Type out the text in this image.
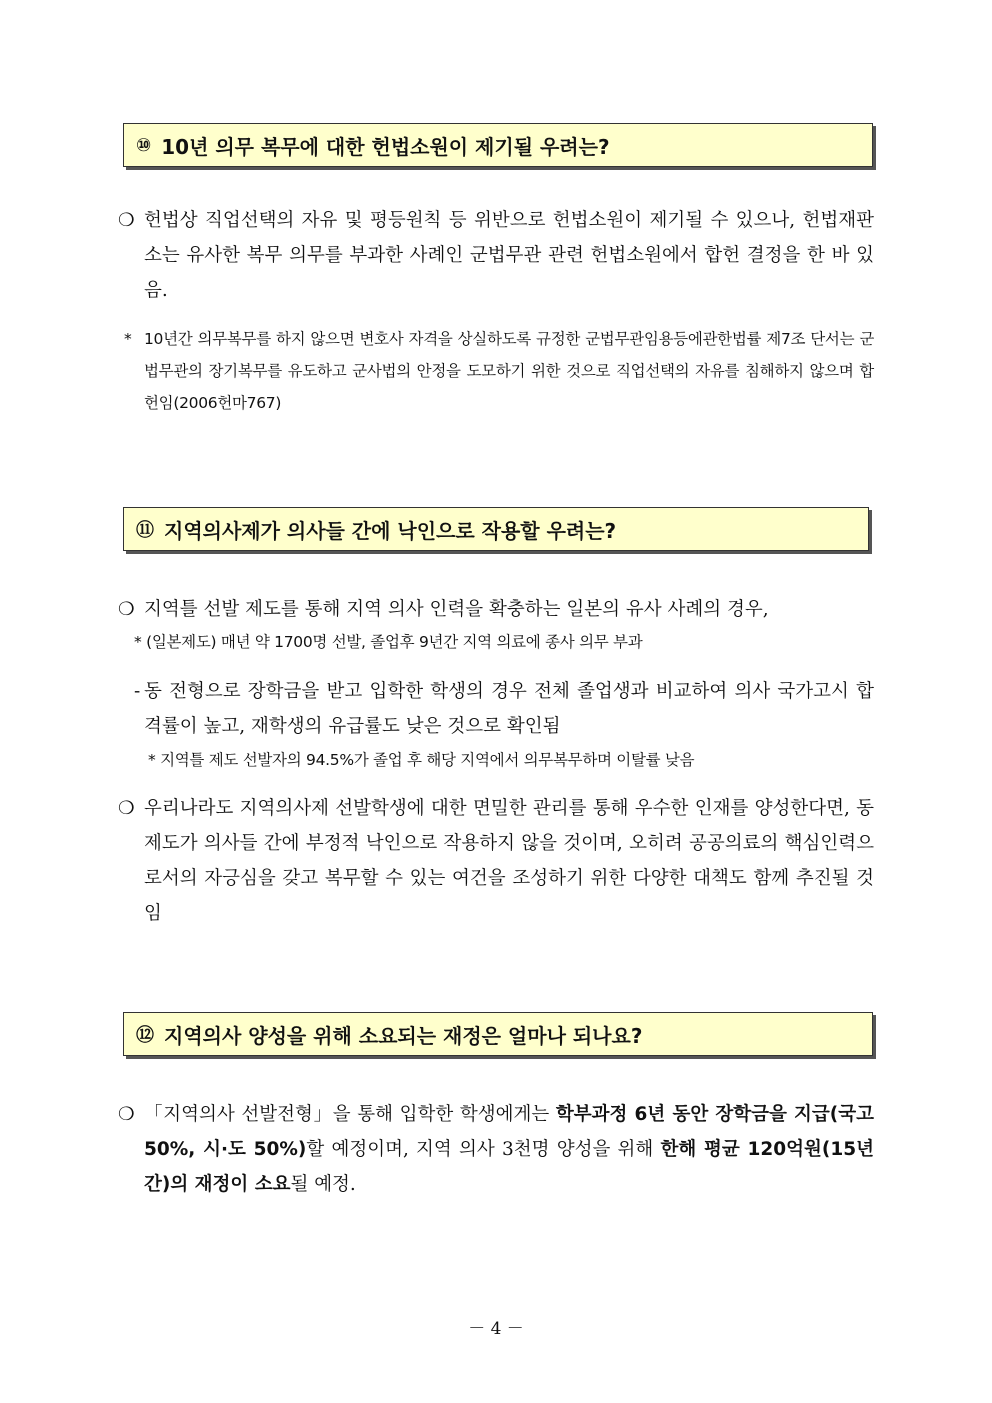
⑩ 10년 의무 복무에 대한 헌법소원이 제기될 우려는?
❍ 헌법상 직업선택의 자유 및 평등원칙 등 위반으로 헌법소원이 제기될 수 있으나, 헌법재판소는 유사한 복무 의무를 부과한 사례인 군법무관 관련 헌법소원에서 합헌 결정을 한 바 있음.
* 10년간 의무복무를 하지 않으면 변호사 자격을 상실하도록 규정한 군법무관임용등에관한법률 제7조 단서는 군법무관의 장기복무를 유도하고 군사법의 안정을 도모하기 위한 것으로 직업선택의 자유를 침해하지 않으며 합헌임(2006헌마767)
⑪ 지역의사제가 의사들 간에 낙인으로 작용할 우려는?
❍ 지역틀 선발 제도를 통해 지역 의사 인력을 확충하는 일본의 유사 사례의 경우,
* (일본제도) 매년 약 1700명 선발, 졸업후 9년간 지역 의료에 종사 의무 부과
- 동 전형으로 장학금을 받고 입학한 학생의 경우 전체 졸업생과 비교하여 의사 국가고시 합격률이 높고, 재학생의 유급률도 낮은 것으로 확인됨
* 지역틀 제도 선발자의 94.5%가 졸업 후 해당 지역에서 의무복무하며 이탈률 낮음
❍ 우리나라도 지역의사제 선발학생에 대한 면밀한 관리를 통해 우수한 인재를 양성한다면, 동 제도가 의사들 간에 부정적 낙인으로 작용하지 않을 것이며, 오히려 공공의료의 핵심인력으로서의 자긍심을 갖고 복무할 수 있는 여건을 조성하기 위한 다양한 대책도 함께 추진될 것임
⑫ 지역의사 양성을 위해 소요되는 재정은 얼마나 되나요?
❍ 「지역의사 선발전형」을 통해 입학한 학생에게는 학부과정 6년 동안 장학금을 지급(국고 50%, 시·도 50%)할 예정이며, 지역 의사 3천명 양성을 위해 한해 평균 120억원(15년 간)의 재정이 소요될 예정.
－ 4 －
